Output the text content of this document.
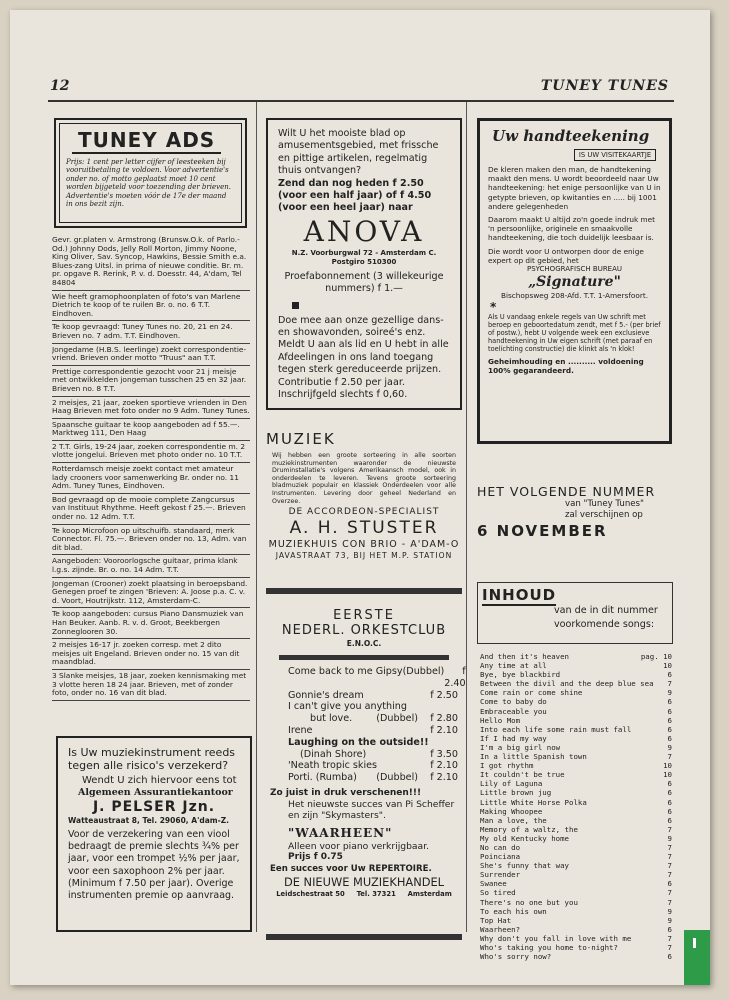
12	TUNEY TUNES
TUNEY ADS
Prijs: 1 cent per letter cijfer of leesteeken bij vooruitbetaling te voldoen. Voor advertentie's onder no. of motto geplaatst moet 10 cent worden bijgeteld voor toezending der brieven. Advertentie's moeten vóór de 17e der maand in ons bezit zijn.

Gevr. gr.platen v. Armstrong (Brunsw.O.k. of Parlo.-Od.) Johnny Dods, Jelly Roll Morton, Jimmy Noone, King Oliver, Sav. Syncop, Hawkins, Bessie Smith e.a. Blues-zang Uitsl. in prima of nieuwe conditie. Br. m. pr. opgave R. Rerink, P. v. d. Doesstr. 44, A'dam, Tel 84804

Wie heeft gramophoonplaten of foto's van Marlene Dietrich te koop of te ruilen Br. o. no. 6 T.T. Eindhoven.

Te koop gevraagd: Tuney Tunes no. 20, 21 en 24. Brieven no. 7 adm. T.T. Eindhoven.

Jongedame (H.B.S. leerlinge) zoekt correspondentie-vriend. Brieven onder motto "Truus" aan T.T.

Prettige correspondentie gezocht voor 21 j meisje met ontwikkelden jongeman tusschen 25 en 32 jaar. Brieven no. 8 T.T.

2 meisjes, 21 jaar, zoeken sportieve vrienden in Den Haag Brieven met foto onder no 9 Adm. Tuney Tunes.

Spaansche guitaar te koop aangeboden ad f 55.—. Marktweg 111, Den Haag

2 T.T. Girls, 19-24 jaar, zoeken correspondentie m. 2 vlotte jongelui. Brieven met photo onder no. 10 T.T.

Rotterdamsch meisje zoekt contact met amateur lady crooners voor samenwerking Br. onder no. 11 Adm. Tuney Tunes, Eindhoven.

Bod gevraagd op de mooie complete Zangcursus van Instituut Rhythme. Heeft gekost f 25.—. Brieven onder no. 12 Adm. T.T.

Te koop Microfoon op uitschuifb. standaard, merk Connector. Fl. 75.—. Brieven onder no. 13, Adm. van dit blad.

Aangeboden: Vooroorlogsche guitaar, prima klank l.g.s. zijnde. Br. o. no. 14 Adm. T.T.

Jongeman (Crooner) zoekt plaatsing in beroepsband. Genegen proef te zingen 'Brieven: A. Joose p.a. C. v. d. Voort, Houtrijkstr. 112, Amsterdam-C.

Te koop aangeboden: cursus Piano Dansmuziek van Han Beuker. Aanb. R. v. d. Groot, Beekbergen Zonneglooren 30.

2 meisjes 16-17 jr. zoeken corresp. met 2 dito meisjes uit Engeland. Brieven onder no. 15 van dit maandblad.

3 Slanke meisjes, 18 jaar, zoeken kennismaking met 3 vlotte heren 18 24 jaar. Brieven, met of zonder foto, onder no. 16 van dit blad.

Is Uw muziekinstrument reeds tegen alle risico's verzekerd?
Wendt U zich hiervoor eens tot
Algemeen Assurantiekantoor
J. PELSER Jzn.
Watteaustraat 8, Tel. 29060, A'dam-Z.
Voor de verzekering van een viool bedraagt de premie slechts ¾% per jaar, voor een trompet ½% per jaar, voor een saxophoon 2% per jaar. (Minimum f 7.50 per jaar). Overige instrumenten premie op aanvraag.
Wilt U het mooiste blad op amusementsgebied, met frissche en pittige artikelen, regelmatig thuis ontvangen?
Zend dan nog heden f 2.50 (voor een half jaar) of f 4.50 (voor een heel jaar) naar
ANOVA
N.Z. Voorburgwal 72 - Amsterdam C. Postgiro 510300
Proefabonnement (3 willekeurige nummers) f 1.—
Doe mee aan onze gezellige dans- en showavonden, soireé's enz. Meldt U aan als lid en U hebt in alle Afdeelingen in ons land toegang tegen sterk gereduceerde prijzen. Contributie f 2.50 per jaar. Inschrijfgeld slechts f 0,60.
MUZIEK
Wij hebben een groote sorteering in alle soorten muziekinstrumenten waaronder de nieuwste Druminstallatie's volgens Amerikaansch model, ook in onderdeelen te leveren. Tevens groote sorteering bladmuziek populair en klassiek Onderdeelen voor alle Instrumenten. Levering door geheel Nederland en Overzee.
DE ACCORDEON-SPECIALIST
A. H. STUSTER
MUZIEKHUIS CON BRIO - A'DAM-O
JAVASTRAAT 73, BIJ HET M.P. STATION
EERSTE
NEDERL. ORKESTCLUB
E.N.O.C.
Come back to me Gipsy (Dubbel)	f 2.40
Gonnie's dream	f 2.50
I can't give you anything
but love.	(Dubbel)	f 2.80
Irene	f 2.10
Laughing on the outside!!
(Dinah Shore)	f 3.50
'Neath tropic skies	f 2.10
Porti. (Rumba)	(Dubbel)	f 2.10
Zo juist in druk verschenen!!!
Het nieuwste succes van Pi Scheffer en zijn "Skymasters".
"WAARHEEN"
Alleen voor piano verkrijgbaar.
Prijs f 0.75
Een succes voor Uw REPERTOIRE.
DE NIEUWE MUZIEKHANDEL
Leidschestraat 50     Tel. 37321     Amsterdam
Uw handteekening
IS UW VISITEKAARTJE
De kleren maken den man, de handtekening maakt den mens. U wordt beoordeeld naar Uw handteekening: het enige persoonlijke van U in getypte brieven, op kwitanties en ..... bij 1001 andere gelegenheden
Daarom maakt U altijd zo'n goede indruk met 'n persoonlijke, originele en smaakvolle handteekening, die toch duidelijk leesbaar is.
Die wordt voor U ontworpen door de enige expert op dit gebied, het
PSYCHOGRAFISCH BUREAU
„Signature"
Bischopsweg 208-Afd. T.T. 1-Amersfoort.
*
Als U vandaag enkele regels van Uw schrift met beroep en geboortedatum zendt, met f 5.- (per brief of postw.), hebt U volgende week een exclusieve handteekening in Uw eigen schrift (met paraaf en toelichting constructie) die klinkt als 'n klok!
Geheimhouding en .......... voldoening 100% gegarandeerd.
HET VOLGENDE NUMMER
van "Tuney Tunes"
zal verschijnen op
6 NOVEMBER
INHOUD
van de in dit nummer
voorkomende songs:
And then it's heaven	pag. 10
Any time at all	10
Bye, bye blackbird	6
Between the divil and the deep blue sea 7
Come rain or come shine	9
Come to baby do	6
Embraceable you	6
Hello Mom	6
Into each life some rain must fall	6
If I had my way	6
I'm a big girl now	9
In a little Spanish town	7
I got rhythm	10
It couldn't be true	10
Lily of Laguna	6
Little brown jug	6
Little White Horse Polka	6
Making Whoopee	6
Man a love, the	6
Memory of a waltz, the	7
My old Kentucky home	9
No can do	7
Poinciana	7
She's funny that way	7
Surrender	7
Swanee	6
So tired	7
There's no one but you	7
To each his own	9
Top Hat	9
Waarheen?	6
Why don't you fall in love with me	7
Who's taking you home to-night?	7
Who's sorry now?	6
